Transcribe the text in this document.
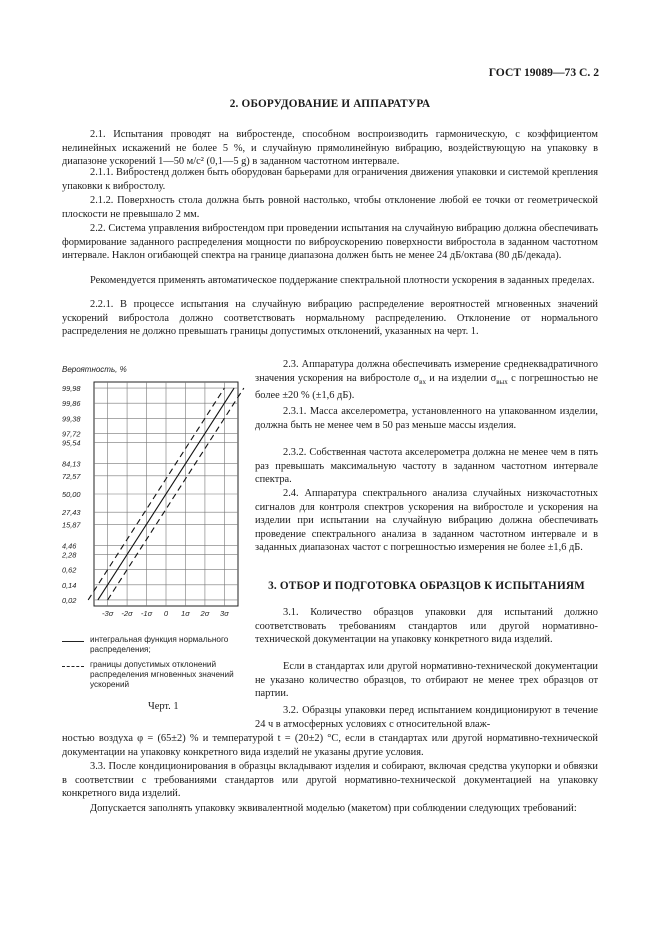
ГОСТ 19089—73 С. 2
2. ОБОРУДОВАНИЕ И АППАРАТУРА

2.1. Испытания проводят на вибростенде, способном воспроизводить гармоническую, с коэффициентом нелинейных искажений не более 5 %, и случайную прямолинейную вибрацию, воздействующую на упаковку в диапазоне ускорений 1—50 м/с² (0,1—5 g) в заданном частотном интервале.

2.1.1. Вибростенд должен быть оборудован барьерами для ограничения движения упаковки и системой крепления упаковки к вибростолу.

2.1.2. Поверхность стола должна быть ровной настолько, чтобы отклонение любой ее точки от геометрической плоскости не превышало 2 мм.

2.2. Система управления вибростендом при проведении испытания на случайную вибрацию должна обеспечивать формирование заданного распределения мощности по виброускорению поверхности вибростола в заданном частотном интервале. Наклон огибающей спектра на границе диапазона должен быть не менее 24 дБ/октава (80 дБ/декада).

Рекомендуется применять автоматическое поддержание спектральной плотности ускорения в заданных пределах.

2.2.1. В процессе испытания на случайную вибрацию распределение вероятностей мгновенных значений ускорений вибростола должно соответствовать нормальному распределению. Отклонение от нормального распределения не должно превышать границы допустимых отклонений, указанных на черт. 1.

Вероятность, %
99,98
99,86
99,38
97,72
95,54
84,13
72,57
50,00
27,43
15,87
4,46
2,28
0,62
0,14
0,02
-3σ -2σ -1σ 0 1σ 2σ 3σ
интегральная функция нормального распределения;
границы допустимых отклонений распределения мгновенных значений ускорений
Черт. 1

2.3. Аппаратура должна обеспечивать измерение среднеквадратичного значения ускорения на вибростоле $\sigma_{вх}$ и на изделии $\sigma_{вых}$ с погрешностью не более ±20 % (±1,6 дБ).

2.3.1. Масса акселерометра, установленного на упакованном изделии, должна быть не менее чем в 50 раз меньше массы изделия.

2.3.2. Собственная частота акселерометра должна не менее чем в пять раз превышать максимальную частоту в заданном частотном интервале спектра.

2.4. Аппаратура спектрального анализа случайных низкочастотных сигналов для контроля спектров ускорения на вибростоле и ускорения на изделии при испытании на случайную вибрацию должна обеспечивать проведение спектрального анализа в заданном частотном интервале и в заданных диапазонах частот с погрешностью измерения не более ±1,6 дБ.

3. ОТБОР И ПОДГОТОВКА ОБРАЗЦОВ К ИСПЫТАНИЯМ

3.1. Количество образцов упаковки для испытаний должно соответствовать требованиям стандартов или другой нормативно-технической документации на упаковку конкретного вида изделий.

Если в стандартах или другой нормативно-технической документации не указано количество образцов, то отбирают не менее трех образцов от партии.

3.2. Образцы упаковки перед испытанием кондиционируют в течение 24 ч в атмосферных условиях с относительной влаж-

ностью воздуха φ = (65±2) % и температурой t = (20±2) °С, если в стандартах или другой нормативно-технической документации на упаковку конкретного вида изделий не указаны другие условия.

3.3. После кондиционирования в образцы вкладывают изделия и собирают, включая средства укупорки и обвязки в соответствии с требованиями стандартов или другой нормативно-технической документацией на упаковку конкретного вида изделий.

Допускается заполнять упаковку эквивалентной моделью (макетом) при соблюдении следующих требований:
